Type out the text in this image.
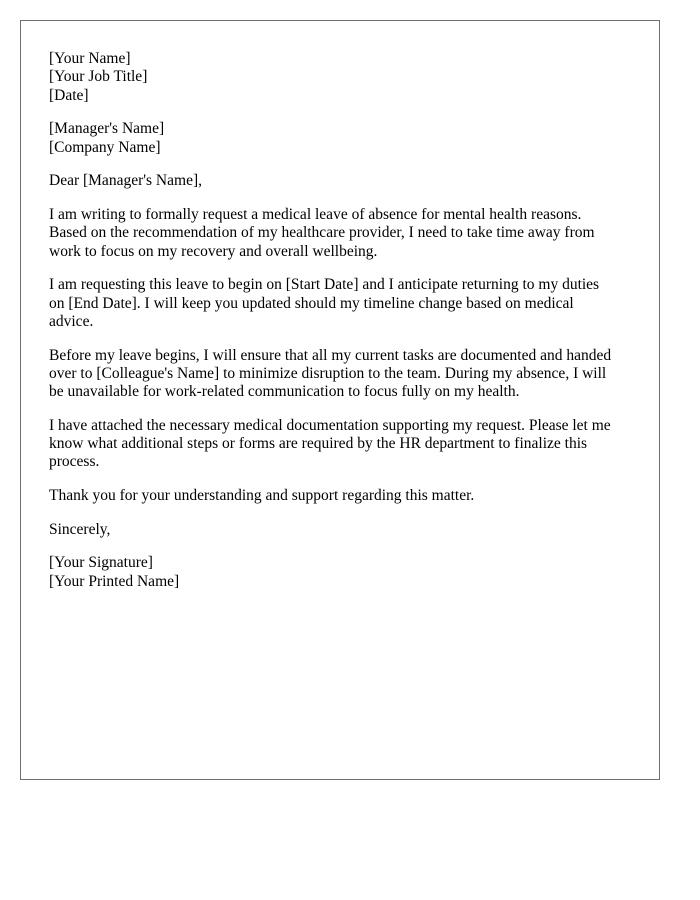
[Your Name]
[Your Job Title]
[Date]
[Manager's Name]
[Company Name]
Dear [Manager's Name],

I am writing to formally request a medical leave of absence for mental health reasons.
Based on the recommendation of my healthcare provider, I need to take time away from
work to focus on my recovery and overall wellbeing.

I am requesting this leave to begin on [Start Date] and I anticipate returning to my duties
on [End Date]. I will keep you updated should my timeline change based on medical
advice.

Before my leave begins, I will ensure that all my current tasks are documented and handed
over to [Colleague's Name] to minimize disruption to the team. During my absence, I will
be unavailable for work-related communication to focus fully on my health.

I have attached the necessary medical documentation supporting my request. Please let me
know what additional steps or forms are required by the HR department to finalize this
process.

Thank you for your understanding and support regarding this matter.

Sincerely,
[Your Signature]
[Your Printed Name]
